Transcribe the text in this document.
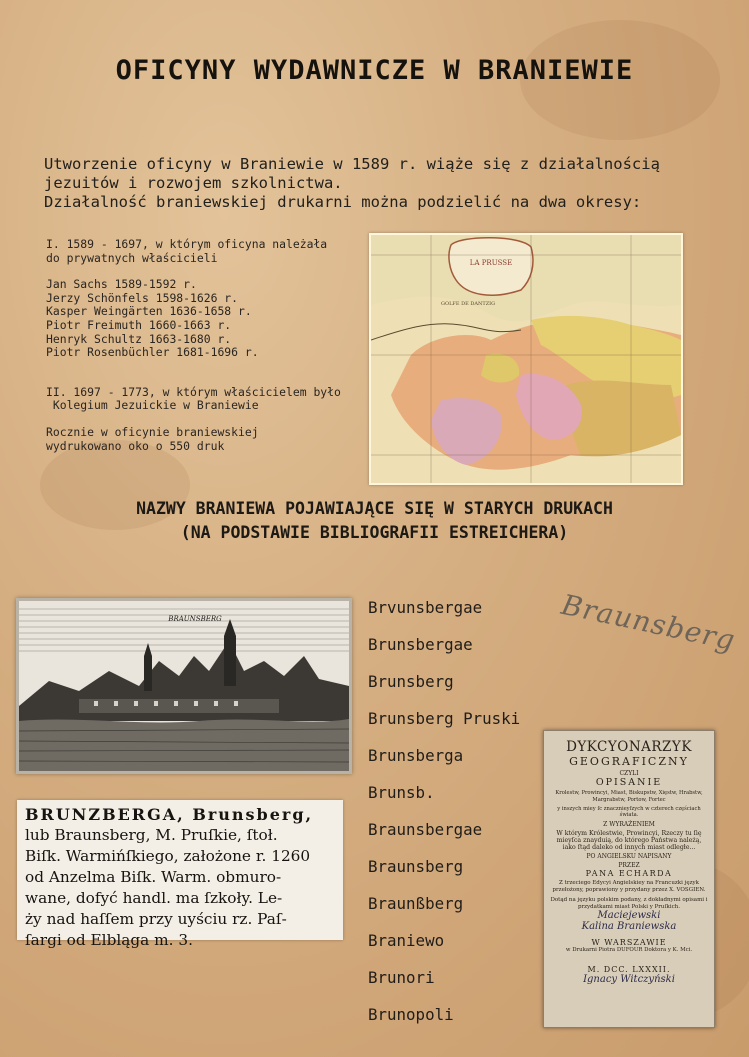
OFICYNY WYDAWNICZE W BRANIEWIE
Utworzenie oficyny w Braniewie w 1589 r. wiąże się z działalnością
jezuitów i rozwojem szkolnictwa.
Działalność braniewskiej drukarni można podzielić na dwa okresy:
I. 1589 - 1697, w którym oficyna należała
do prywatnych właścicieli
Jan Sachs 1589-1592 r.
Jerzy Schönfels 1598-1626 r.
Kasper Weingärten 1636-1658 r.
Piotr Freimuth 1660-1663 r.
Henryk Schultz 1663-1680 r.
Piotr Rosenbüchler 1681-1696 r.
II. 1697 - 1773, w którym właścicielem było
Kolegium Jezuickie w Braniewie
Rocznie w oficynie braniewskiej
wydrukowano oko o 550 druk
LA PRUSSE
GOLFE DE DANTZIG
NAZWY BRANIEWA POJAWIAJĄCE SIĘ W STARYCH DRUKACH
(NA PODSTAWIE BIBLIOGRAFII ESTREICHERA)
BRAUNSBERG
BRUNZBERGA, Brunsberg,
lub Braunsberg, M. Pruſkie, ſtoł.
Biſk. Warmińſkiego, założone r. 1260
od Anzelma Biſk. Warm. obmuro-
wane, dofyć handl. ma ſzkoły. Le-
ży nad haſſem przy uyściu rz. Paſ-
ſargi od Elbląga m. 3.
Brvunsbergae
Brunsbergae
Brunsberg
Brunsberg Pruski
Brunsberga
Brunsb.
Braunsbergae
Braunsberg
Braunßberg
Braniewo
Brunori
Brunopoli
Braunsberg
DYKCYONARZYK
GEOGRAFICZNY
CZYLI
OPISANIE
Krolestw, Prowincyi, Miast, Biskupstw, Xięstw, Hrabstw, Margrabstw, Portow, Fortec
y inszych miey ſc znacznieyſzych w czterech częściach świata.
Z WYRAŻENIEM
W którym Królestwie, Prowincyi, Rzeczy tu ſię mieyſca znayduią, do którego Państwa należą, iako ſtąd daleko od innych miast odległe...
PO ANGIELSKU NAPISANY
PRZEZ
PANA ECHARDA
Z trzeciego Edycyi Angielskiey na Francuzki język przełożony, poprawiony y przydany przez X. VOSGIEN.
Dotąd na języku polskim podany, z dokładnymi opisami i przydatkami miast Polski y Pruſkich.
Maciejewski
Kalina Braniewska
W WARSZAWIE
w Drukarni Piotra DUFOUR Doktora y K. Mci.
M. DCC. LXXXII.
Ignacy Witczyński
